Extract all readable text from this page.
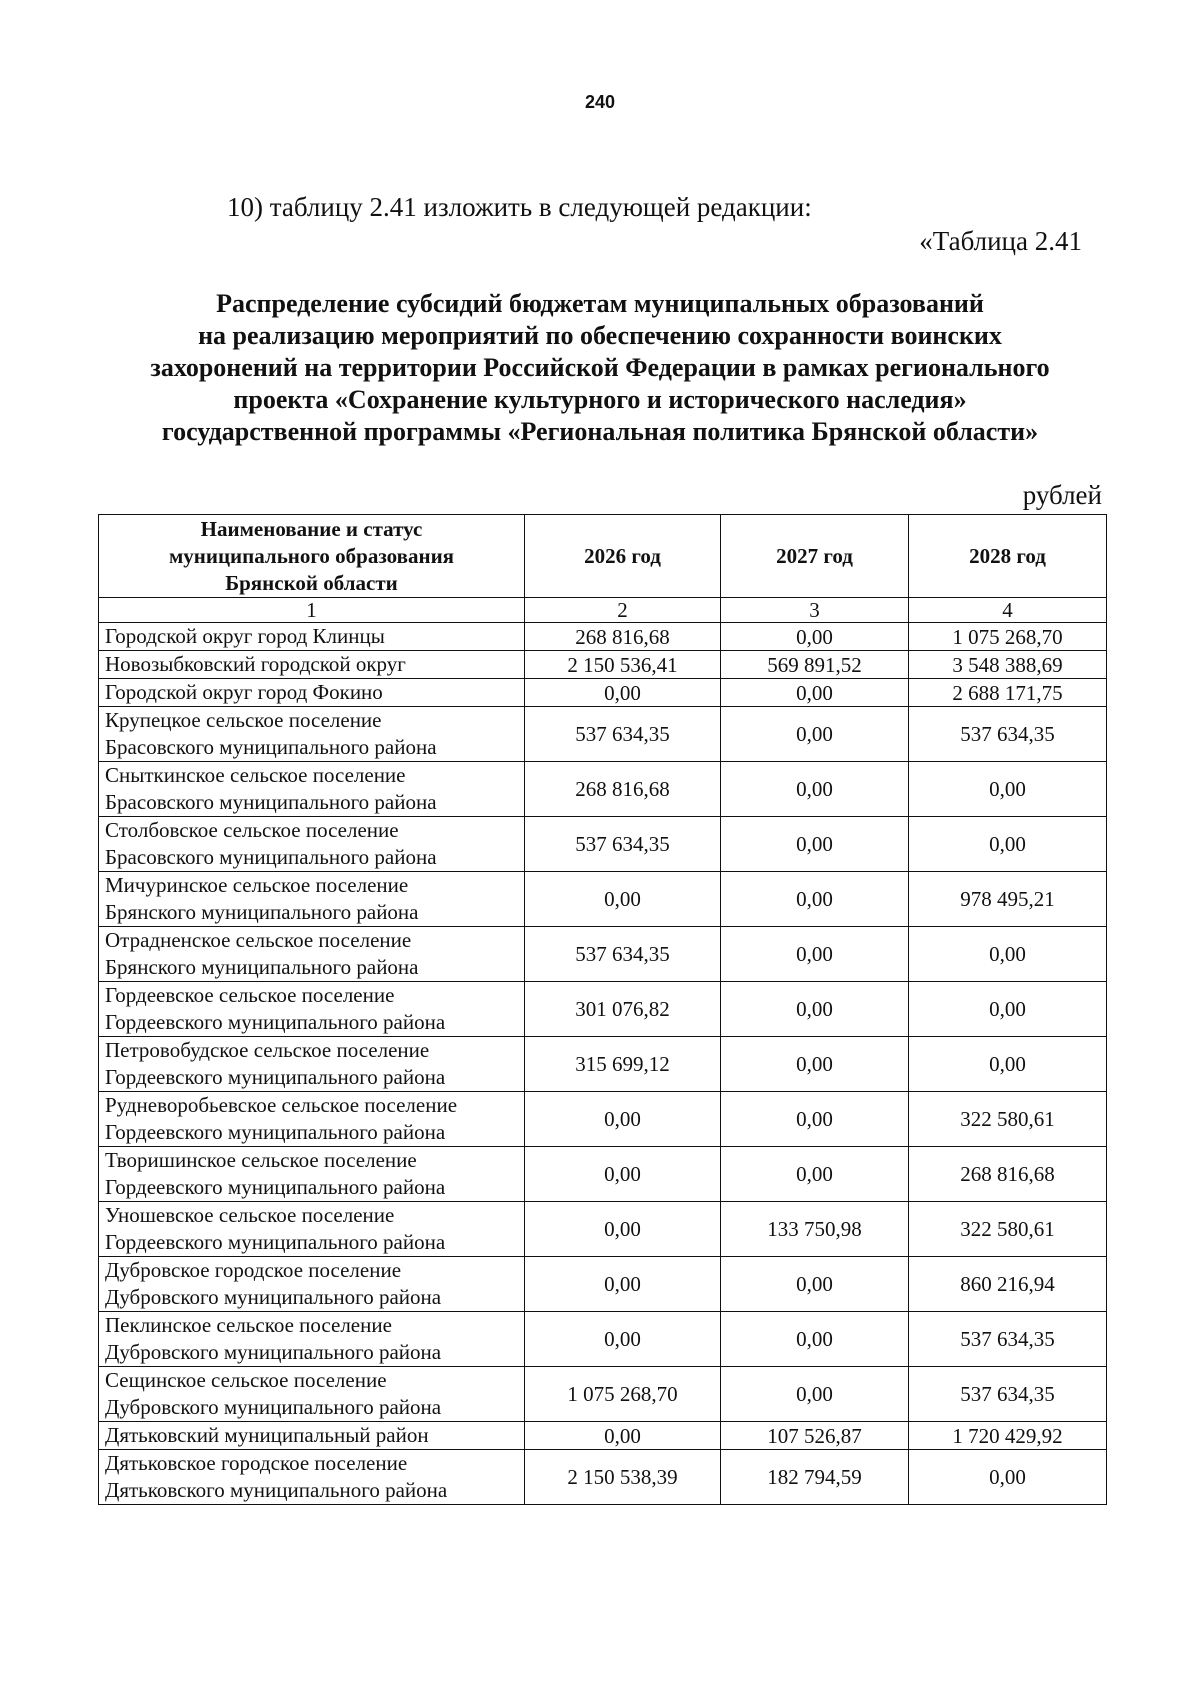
240
10) таблицу 2.41 изложить в следующей редакции:
«Таблица 2.41
Распределение субсидий бюджетам муниципальных образований
на реализацию мероприятий по обеспечению сохранности воинских
захоронений на территории Российской Федерации в рамках регионального
проекта «Сохранение культурного и исторического наследия»
государственной программы «Региональная политика Брянской области»
рублей
Наименование и статус
муниципального образования
Брянской области	2026 год	2027 год	2028 год
1	2	3	4

Городской округ город Клинцы	268 816,68	0,00	1 075 268,70

Новозыбковский городской округ	2 150 536,41	569 891,52	3 548 388,69

Городской округ город Фокино	0,00	0,00	2 688 171,75

Крупецкое сельское поселение
Брасовского муниципального района	537 634,35	0,00	537 634,35

Сныткинское сельское поселение
Брасовского муниципального района	268 816,68	0,00	0,00

Столбовское сельское поселение
Брасовского муниципального района	537 634,35	0,00	0,00

Мичуринское сельское поселение
Брянского муниципального района	0,00	0,00	978 495,21

Отрадненское сельское поселение
Брянского муниципального района	537 634,35	0,00	0,00

Гордеевское сельское поселение
Гордеевского муниципального района	301 076,82	0,00	0,00

Петровобудское сельское поселение
Гордеевского муниципального района	315 699,12	0,00	0,00

Рудневоробьевское сельское поселение
Гордеевского муниципального района	0,00	0,00	322 580,61

Творишинское сельское поселение
Гордеевского муниципального района	0,00	0,00	268 816,68

Уношевское сельское поселение
Гордеевского муниципального района	0,00	133 750,98	322 580,61

Дубровское городское поселение
Дубровского муниципального района	0,00	0,00	860 216,94

Пеклинское сельское поселение
Дубровского муниципального района	0,00	0,00	537 634,35

Сещинское сельское поселение
Дубровского муниципального района	1 075 268,70	0,00	537 634,35

Дятьковский муниципальный район	0,00	107 526,87	1 720 429,92

Дятьковское городское поселение
Дятьковского муниципального района	2 150 538,39	182 794,59	0,00
